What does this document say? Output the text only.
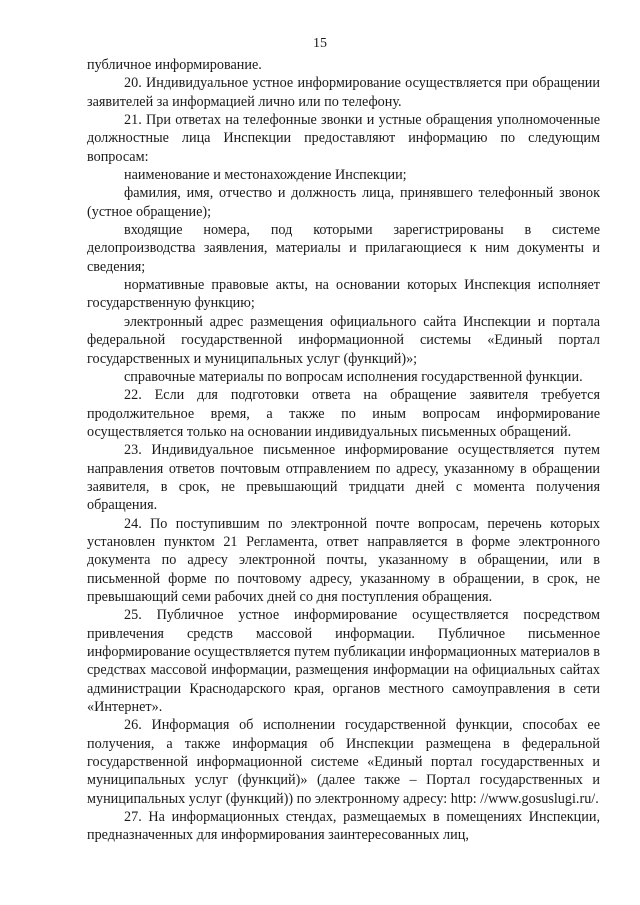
15

публичное информирование.

20. Индивидуальное устное информирование осуществляется при обращении заявителей за информацией лично или по телефону.

21. При ответах на телефонные звонки и устные обращения уполномоченные должностные лица Инспекции предоставляют информацию по следующим вопросам:

наименование и местонахождение Инспекции;

фамилия, имя, отчество и должность лица, принявшего телефонный звонок (устное обращение);

входящие номера, под которыми зарегистрированы в системе делопроизводства заявления, материалы и прилагающиеся к ним документы и сведения;

нормативные правовые акты, на основании которых Инспекция исполняет государственную функцию;

электронный адрес размещения официального сайта Инспекции и портала федеральной государственной информационной системы «Единый портал государственных и муниципальных услуг (функций)»;

справочные материалы по вопросам исполнения государственной функции.

22. Если для подготовки ответа на обращение заявителя требуется продолжительное время, а также по иным вопросам информирование осуществляется только на основании индивидуальных письменных обращений.

23. Индивидуальное письменное информирование осуществляется путем направления ответов почтовым отправлением по адресу, указанному в обращении заявителя, в срок, не превышающий тридцати дней с момента получения обращения.

24. По поступившим по электронной почте вопросам, перечень которых установлен пунктом 21 Регламента, ответ направляется в форме электронного документа по адресу электронной почты, указанному в обращении, или в письменной форме по почтовому адресу, указанному в обращении, в срок, не превышающий семи рабочих дней со дня поступления обращения.

25. Публичное устное информирование осуществляется посредством привлечения средств массовой информации. Публичное письменное информирование осуществляется путем публикации информационных материалов в средствах массовой информации, размещения информации на официальных сайтах администрации Краснодарского края, органов местного самоуправления в сети «Интернет».

26. Информация об исполнении государственной функции, способах ее получения, а также информация об Инспекции размещена в федеральной государственной информационной системе «Единый портал государственных и муниципальных услуг (функций)» (далее также – Портал государственных и муниципальных услуг (функций)) по электронному адресу: http: //www.gosuslugi.ru/.

27. На информационных стендах, размещаемых в помещениях Инспекции, предназначенных для информирования заинтересованных лиц,
